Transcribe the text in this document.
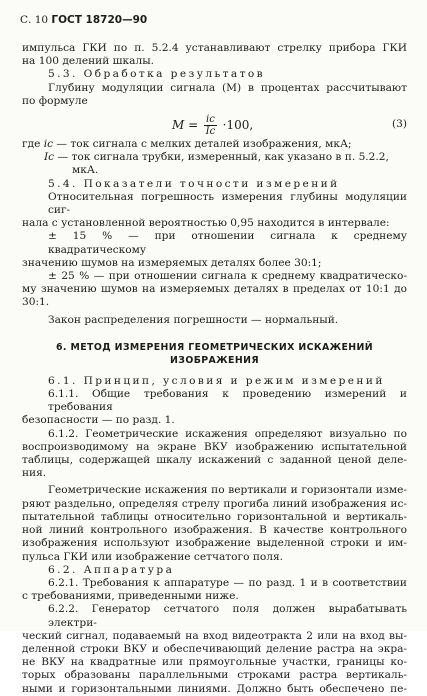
С. 10 ГОСТ 18720—90
импульса ГКИ по п. 5.2.4 устанавливают стрелку прибора ГКИ
на 100 делений шкалы.
5.3. Обработка результатов
Глубину модуляции сигнала (M) в процентах рассчитывают
по формуле
$M = \frac{iс}{Iс} \cdot 100$,	(3)
где iс — ток сигнала с мелких деталей изображения, мкА;
Iс — ток сигнала трубки, измеренный, как указано в п. 5.2.2,
мкА.
5.4. Показатели точности измерений
Относительная погрешность измерения глубины модуляции сиг-
нала с установленной вероятностью 0,95 находится в интервале:
± 15 % — при отношении сигнала к среднему квадратическому
значению шумов на измеряемых деталях более 30:1;
± 25 % — при отношении сигнала к среднему квадратическо-
му значению шумов на измеряемых деталях в пределах от 10:1 до
30:1.
Закон распределения погрешности — нормальный.
6. МЕТОД ИЗМЕРЕНИЯ ГЕОМЕТРИЧЕСКИХ ИСКАЖЕНИЙ
ИЗОБРАЖЕНИЯ
6.1. Принцип, условия и режим измерений
6.1.1. Общие требования к проведению измерений и требования
безопасности — по разд. 1.
6.1.2. Геометрические искажения определяют визуально по
воспроизводимому на экране ВКУ изображению испытательной
таблицы, содержащей шкалу искажений с заданной ценой деле-
ния.
Геометрические искажения по вертикали и горизонтали изме-
ряют раздельно, определяя стрелу прогиба линий изображения ис-
пытательной таблицы относительно горизонтальной и вертикаль-
ной линий контрольного изображения. В качестве контрольного
изображения используют изображение выделенной строки и им-
пульса ГКИ или изображение сетчатого поля.
6.2. Аппаратура
6.2.1. Требования к аппаратуре — по разд. 1 и в соответствии
с требованиями, приведенными ниже.
6.2.2. Генератор сетчатого поля должен вырабатывать электри-
ческий сигнал, подаваемый на вход видеотракта 2 или на вход вы-
деленной строки ВКУ и обеспечивающий деление растра на экра-
не ВКУ на квадратные или прямоугольные участки, границы ко-
торых образованы параллельными строками растра вертикаль-
ными и горизонтальными линиями. Должно быть обеспечено пе-
